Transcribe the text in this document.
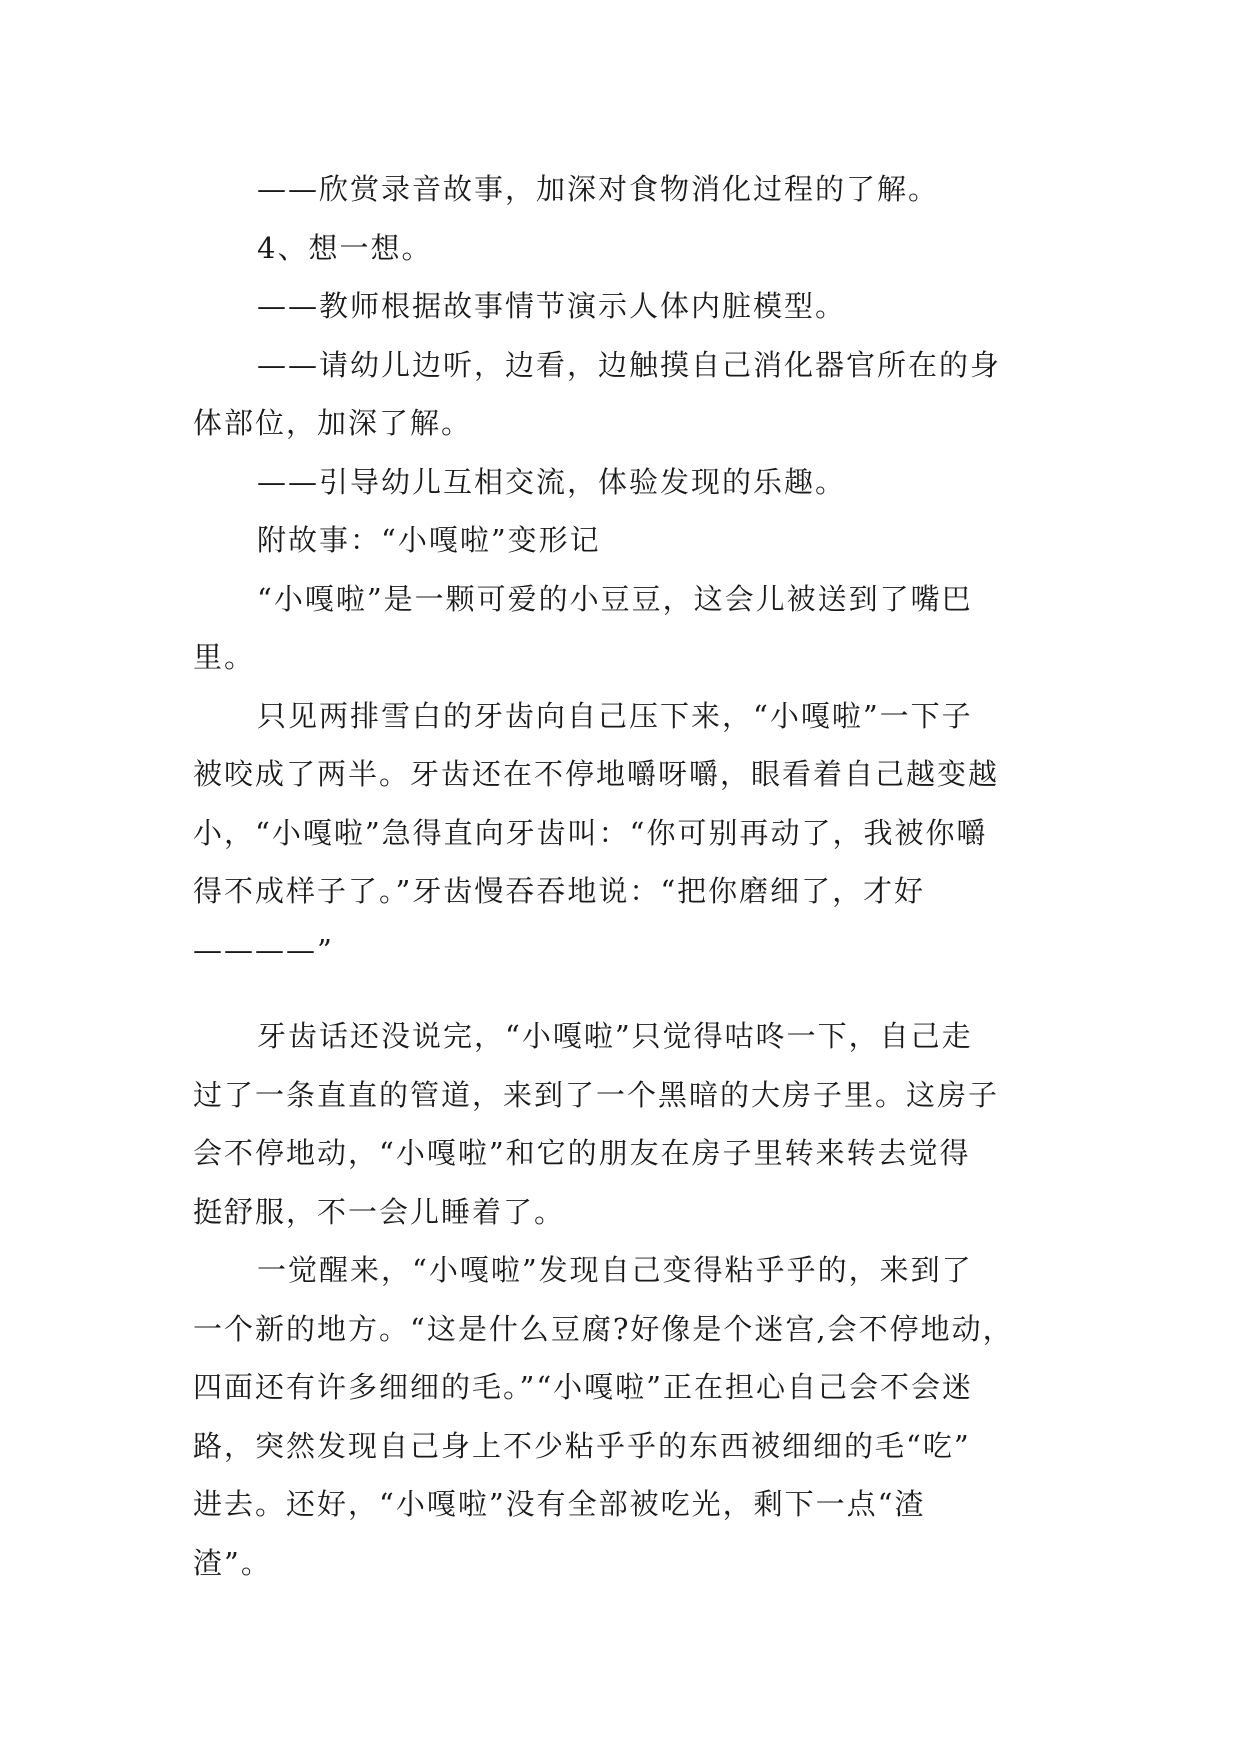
——欣赏录音故事，加深对食物消化过程的了解。

4、想一想。

——教师根据故事情节演示人体内脏模型。

——请幼儿边听，边看，边触摸自己消化器官所在的身
体部位，加深了解。

——引导幼儿互相交流，体验发现的乐趣。

附故事：“小嘎啦”变形记

“小嘎啦”是一颗可爱的小豆豆，这会儿被送到了嘴巴
里。

只见两排雪白的牙齿向自己压下来，“小嘎啦”一下子
被咬成了两半。牙齿还在不停地嚼呀嚼，眼看着自己越变越
小，“小嘎啦”急得直向牙齿叫：“你可别再动了，我被你嚼
得不成样子了。”牙齿慢吞吞地说：“把你磨细了，才好
————”

牙齿话还没说完，“小嘎啦”只觉得咕咚一下，自己走
过了一条直直的管道，来到了一个黑暗的大房子里。这房子
会不停地动，“小嘎啦”和它的朋友在房子里转来转去觉得
挺舒服，不一会儿睡着了。

一觉醒来，“小嘎啦”发现自己变得粘乎乎的，来到了
一个新的地方。“这是什么豆腐?好像是个迷宫,会不停地动，
四面还有许多细细的毛。”“小嘎啦”正在担心自己会不会迷
路，突然发现自己身上不少粘乎乎的东西被细细的毛“吃”
进去。还好，“小嘎啦”没有全部被吃光，剩下一点“渣
渣”。
